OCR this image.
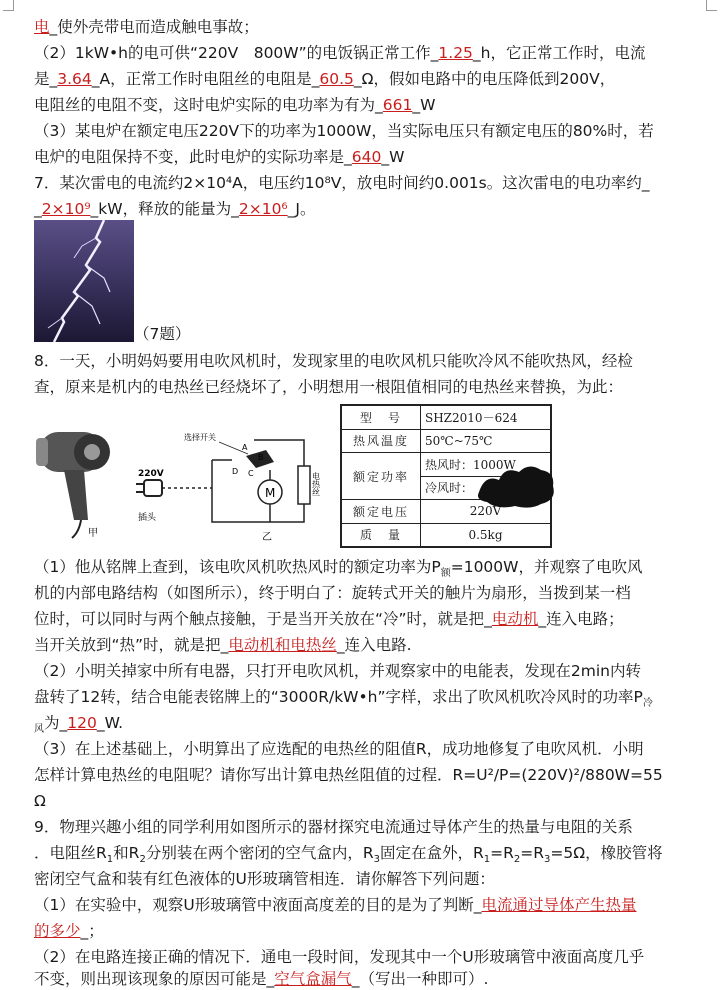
电_使外壳带电而造成触电事故；
（2）1kW•h的电可供“220V　800W”的电饭锅正常工作_1.25_h，它正常工作时，电流
是_3.64_A，正常工作时电阻丝的电阻是_60.5_Ω，假如电路中的电压降低到200V，
电阻丝的电阻不变，这时电炉实际的电功率为有为_661_W
（3）某电炉在额定电压220V下的功率为1000W，当实际电压只有额定电压的80%时，若
电炉的电阻保持不变，此时电炉的实际功率是_640_W
7．某次雷电的电流约2×10⁴A，电压约10⁸V，放电时间约0.001s。这次雷电的电功率约_
_2×10⁹_kW，释放的能量为_2×10⁶_J。
（7题）
8．一天，小明妈妈要用电吹风机时，发现家里的电吹风机只能吹冷风不能吹热风，经检
查，原来是机内的电热丝已经烧坏了，小明想用一根阻值相同的电热丝来替换，为此：
甲
220V
插头
选择开关
A
B
C
D
M	电热丝
乙
型　号	SHZ2010－624
热风温度	50℃~75℃
额定功率	热风时：1000W
	冷风时：
额定电压	220V
质　量	0.5kg
（1）他从铭牌上查到，该电吹风机吹热风时的额定功率为$P_额=1000W$，并观察了电吹风
机的内部电路结构（如图所示），终于明白了：旋转式开关的触片为扇形，当拨到某一档
位时，可以同时与两个触点接触，于是当开关放在“冷”时，就是把_电动机_连入电路；
当开关放到“热”时，就是把_电动机和电热丝_连入电路.
（2）小明关掉家中所有电器，只打开电吹风机，并观察家中的电能表，发现在2min内转
盘转了12转，结合电能表铭牌上的“3000R/kW•h”字样，求出了吹风机吹冷风时的功率$P_冷$
$_风$为_120_W.
（3）在上述基础上，小明算出了应选配的电热丝的阻值R，成功地修复了电吹风机．小明
怎样计算电热丝的电阻呢？请你写出计算电热丝阻值的过程．R=U²/P=(220V)²/880W=55
Ω
9．物理兴趣小组的同学利用如图所示的器材探究电流通过导体产生的热量与电阻的关系
．电阻丝$R_1$和$R_2$分别装在两个密闭的空气盒内，$R_3$固定在盒外，$R_1=R_2=R_3=5\Omega$，橡胶管将
密闭空气盒和装有红色液体的U形玻璃管相连．请你解答下列问题：
（1）在实验中，观察U形玻璃管中液面高度差的目的是为了判断_电流通过导体产生热量
的多少_；
（2）在电路连接正确的情况下．通电一段时间，发现其中一个U形玻璃管中液面高度几乎
不变，则出现该现象的原因可能是_空气盒漏气_（写出一种即可）.
